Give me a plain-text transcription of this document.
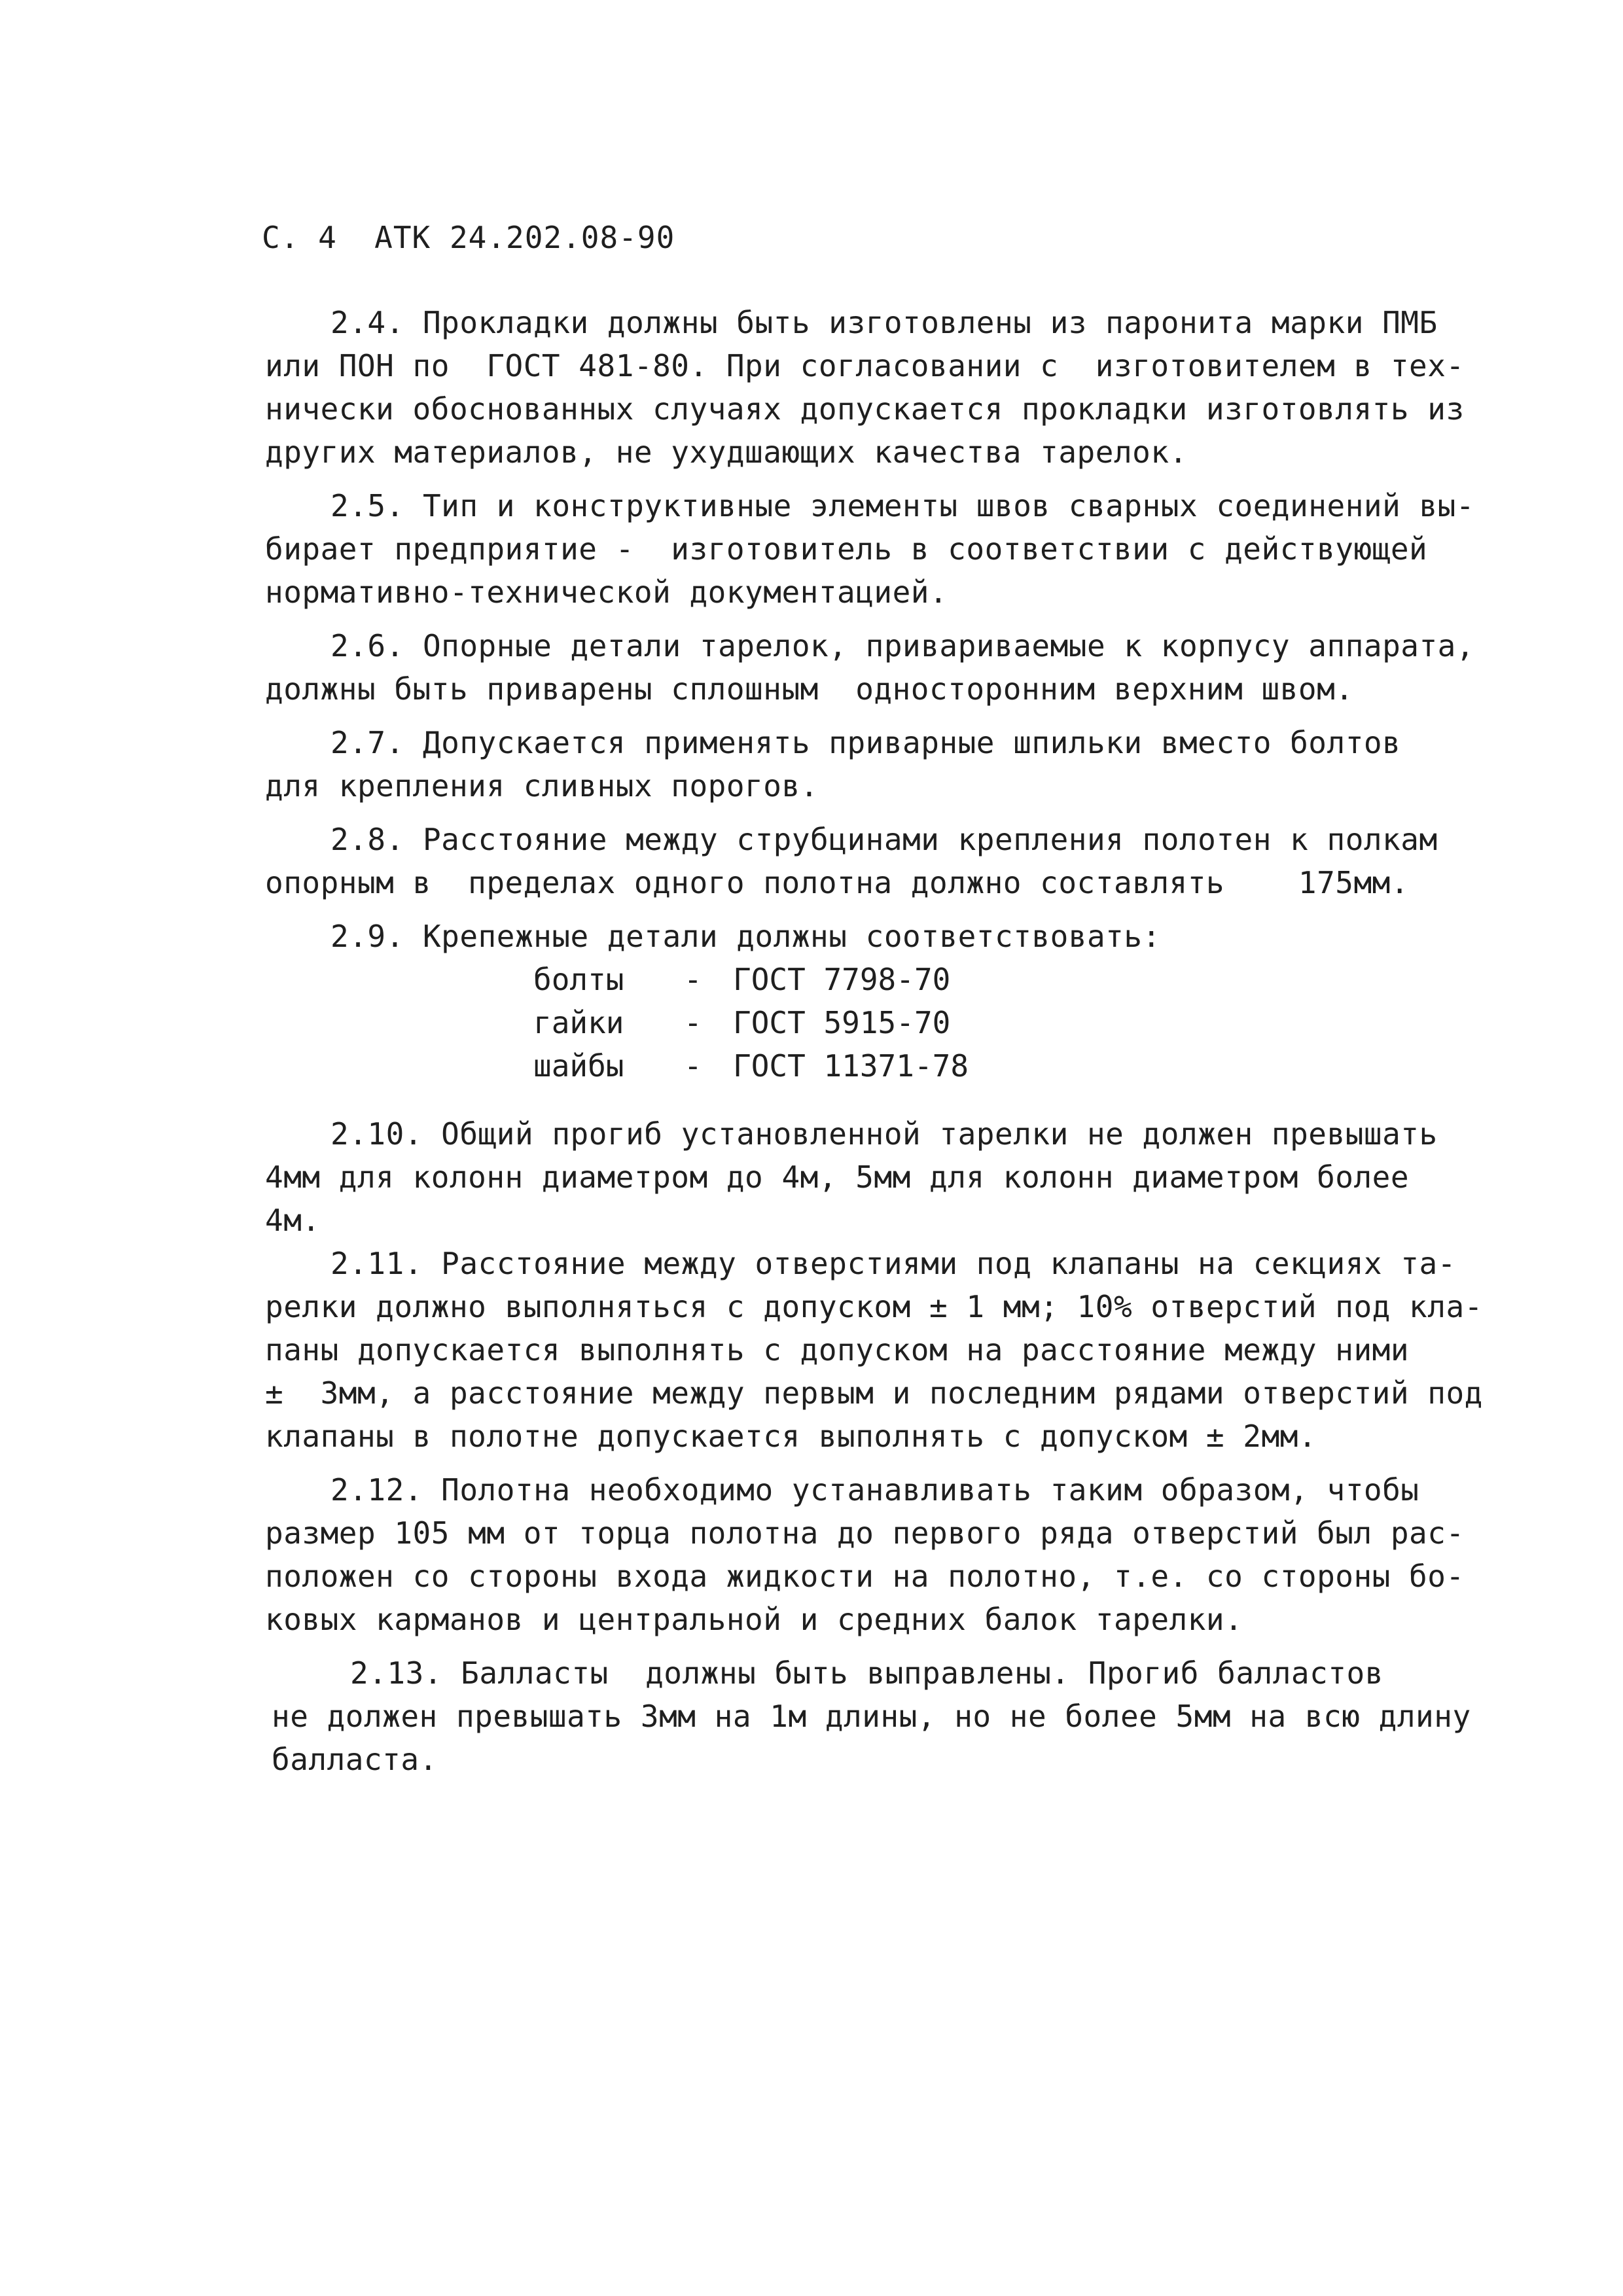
С. 4  АТК 24.202.08-90
2.4. Прокладки должны быть изготовлены из паронита марки ПМБ
или ПОН по  ГОСТ 481-80. При согласовании с  изготовителем в тех-
нически обоснованных случаях допускается прокладки изготовлять из
других материалов, не ухудшающих качества тарелок.
2.5. Тип и конструктивные элементы швов сварных соединений вы-
бирает предприятие -  изготовитель в соответствии с действующей
нормативно-технической документацией.
2.6. Опорные детали тарелок, привариваемые к корпусу аппарата,
должны быть приварены сплошным  односторонним верхним швом.
2.7. Допускается применять приварные шпильки вместо болтов
для крепления сливных порогов.
2.8. Расстояние между струбцинами крепления полотен к полкам
опорным в  пределах одного полотна должно составлять    175мм.
2.9. Крепежные детали должны соответствовать:

болты

-

ГОСТ 7798-70

гайки

-

ГОСТ 5915-70

шайбы

-

ГОСТ 11371-78

2.10. Общий прогиб установленной тарелки не должен превышать
4мм для колонн диаметром до 4м, 5мм для колонн диаметром более
4м.
2.11. Расстояние между отверстиями под клапаны на секциях та-
релки должно выполняться с допуском ± 1 мм; 10% отверстий под кла-
паны допускается выполнять с допуском на расстояние между ними
±  3мм, а расстояние между первым и последним рядами отверстий под
клапаны в полотне допускается выполнять с допуском ± 2мм.
2.12. Полотна необходимо устанавливать таким образом, чтобы
размер 105 мм от торца полотна до первого ряда отверстий был рас-
положен со стороны входа жидкости на полотно, т.е. со стороны бо-
ковых карманов и центральной и средних балок тарелки.
2.13. Балласты  должны быть выправлены. Прогиб балластов
не должен превышать 3мм на 1м длины, но не более 5мм на всю длину
балласта.
